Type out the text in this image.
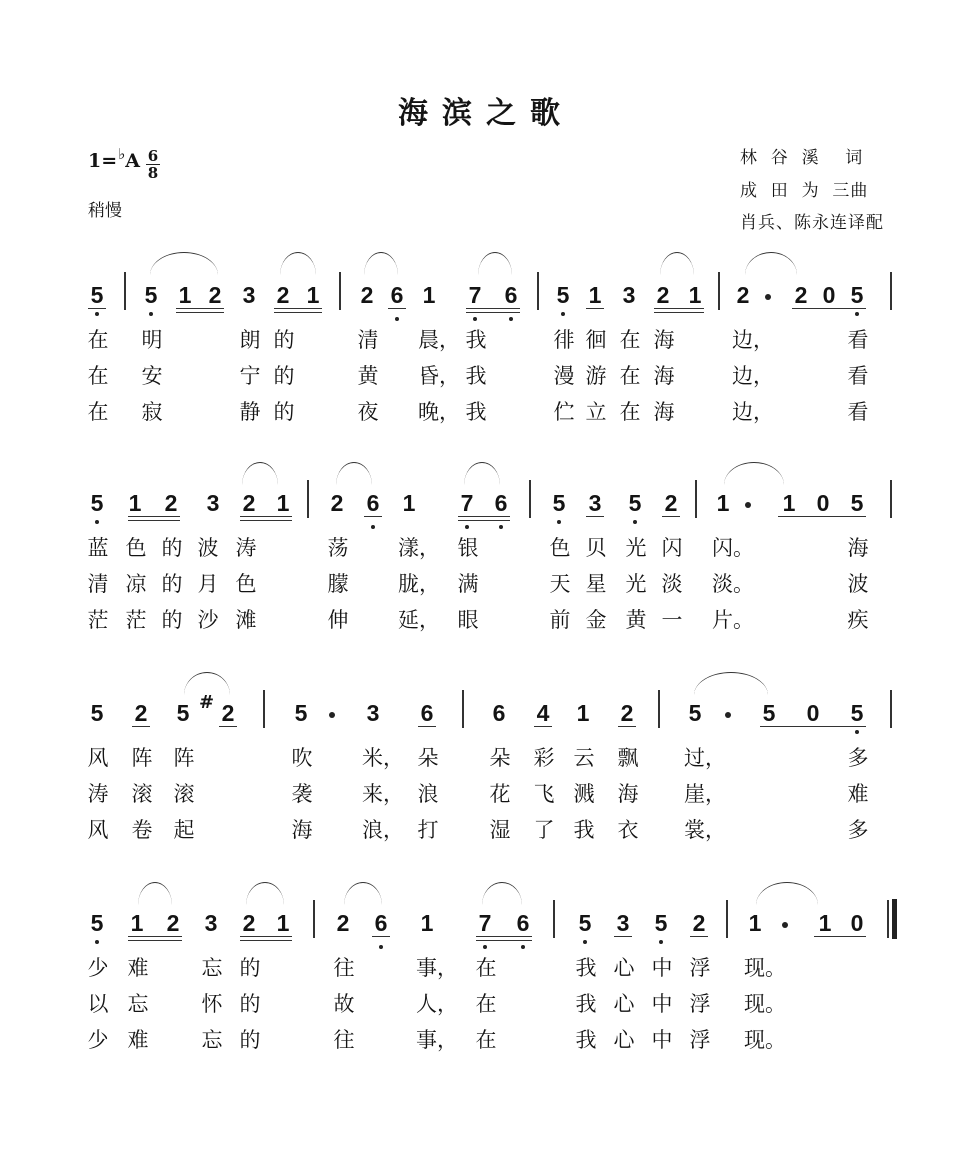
海滨之歌
1=♭A 6
8
稍慢
林  谷  溪    词
成  田  为  三曲
肖兵、陈永连译配
5 5 1 2 3 2 1 2 6 1 7 6 5 1 3 2 1 2 2 0 5
在 明	朗 的	清 晨， 我	徘 徊 在 海	边，	看
在 安	宁 的	黄 昏， 我	漫 游 在 海	边，	看
在 寂	静 的	夜 晚， 我	伫 立 在 海	边，	看
5 1 2 3 2 1 2 6 1 7 6 5 3 5 2 1 1 0 5
蓝 色 的 波 涛	荡 漾， 银	色 贝 光 闪 闪。	海
清 凉 的 月 色	朦 胧， 满	天 星 光 淡 淡。	波
茫 茫 的 沙 滩	伸 延， 眼	前 金 黄 一 片。	疾
5 2 5 # 2	5	3 6	6 4 1 2 5	5 0 5
风 阵 阵	吹 米， 朵 朵 彩 云 飘 过，	多
涛 滚 滚	袭 来， 浪 花 飞 溅 海 崖，	难
风 卷 起	海 浪， 打 湿 了 我 衣 裳，	多
5 1 2 3 2 1 2 6 1 7 6 5 3 5 2 1 1 0
少 难	忘 的	往	事， 在	我 心 中 浮 现。
以 忘	怀 的	故	人， 在	我 心 中 浮 现。
少 难	忘 的	往	事， 在	我 心 中 浮 现。
